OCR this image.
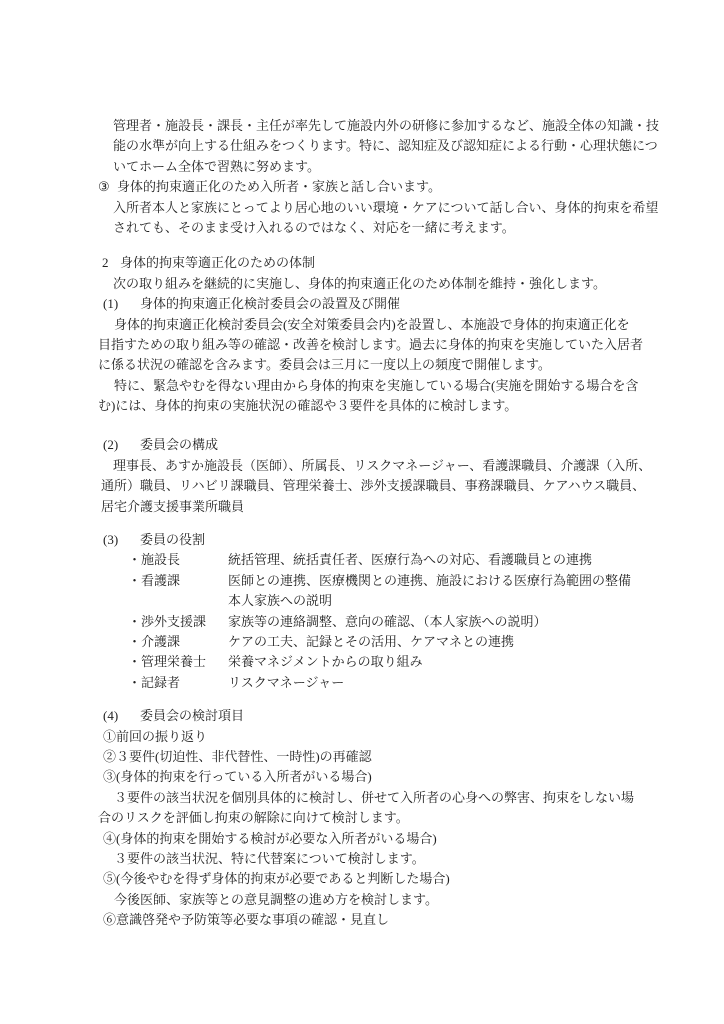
管理者・施設長・課長・主任が率先して施設内外の研修に参加するなど、施設全体の知識・技
能の水準が向上する仕組みをつくります。特に、認知症及び認知症による行動・心理状態につ
いてホーム全体で習熟に努めます。
③ 身体的拘束適正化のため入所者・家族と話し合います。
入所者本人と家族にとってより居心地のいい環境・ケアについて話し合い、身体的拘束を希望
されても、そのまま受け入れるのではなく、対応を一緒に考えます。
2 身体的拘束等適正化のための体制
次の取り組みを継続的に実施し、身体的拘束適正化のため体制を維持・強化します。
(1) 身体的拘束適正化検討委員会の設置及び開催
身体的拘束適正化検討委員会(安全対策委員会内)を設置し、本施設で身体的拘束適正化を
目指すための取り組み等の確認・改善を検討します。過去に身体的拘束を実施していた入居者
に係る状況の確認を含みます。委員会は三月に一度以上の頻度で開催します。
特に、緊急やむを得ない理由から身体的拘束を実施している場合(実施を開始する場合を含
む)には、身体的拘束の実施状況の確認や３要件を具体的に検討します。
(2) 委員会の構成
理事長、あすか施設長（医師）、所属長、リスクマネージャー、看護課職員、介護課（入所、
通所）職員、リハビリ課職員、管理栄養士、渉外支援課職員、事務課職員、ケアハウス職員、
居宅介護支援事業所職員
(3) 委員の役割
・施設長	統括管理、統括責任者、医療行為への対応、看護職員との連携
・看護課	医師との連携、医療機関との連携、施設における医療行為範囲の整備
本人家族への説明
・渉外支援課 家族等の連絡調整、意向の確認、（本人家族への説明）
・介護課	ケアの工夫、記録とその活用、ケアマネとの連携
・管理栄養士 栄養マネジメントからの取り組み
・記録者	リスクマネージャー
(4) 委員会の検討項目
①前回の振り返り
②３要件(切迫性、非代替性、一時性)の再確認
③(身体的拘束を行っている入所者がいる場合)
３要件の該当状況を個別具体的に検討し、併せて入所者の心身への弊害、拘束をしない場
合のリスクを評価し拘束の解除に向けて検討します。
④(身体的拘束を開始する検討が必要な入所者がいる場合)
３要件の該当状況、特に代替案について検討します。
⑤(今後やむを得ず身体的拘束が必要であると判断した場合)
今後医師、家族等との意見調整の進め方を検討します。
⑥意識啓発や予防策等必要な事項の確認・見直し
